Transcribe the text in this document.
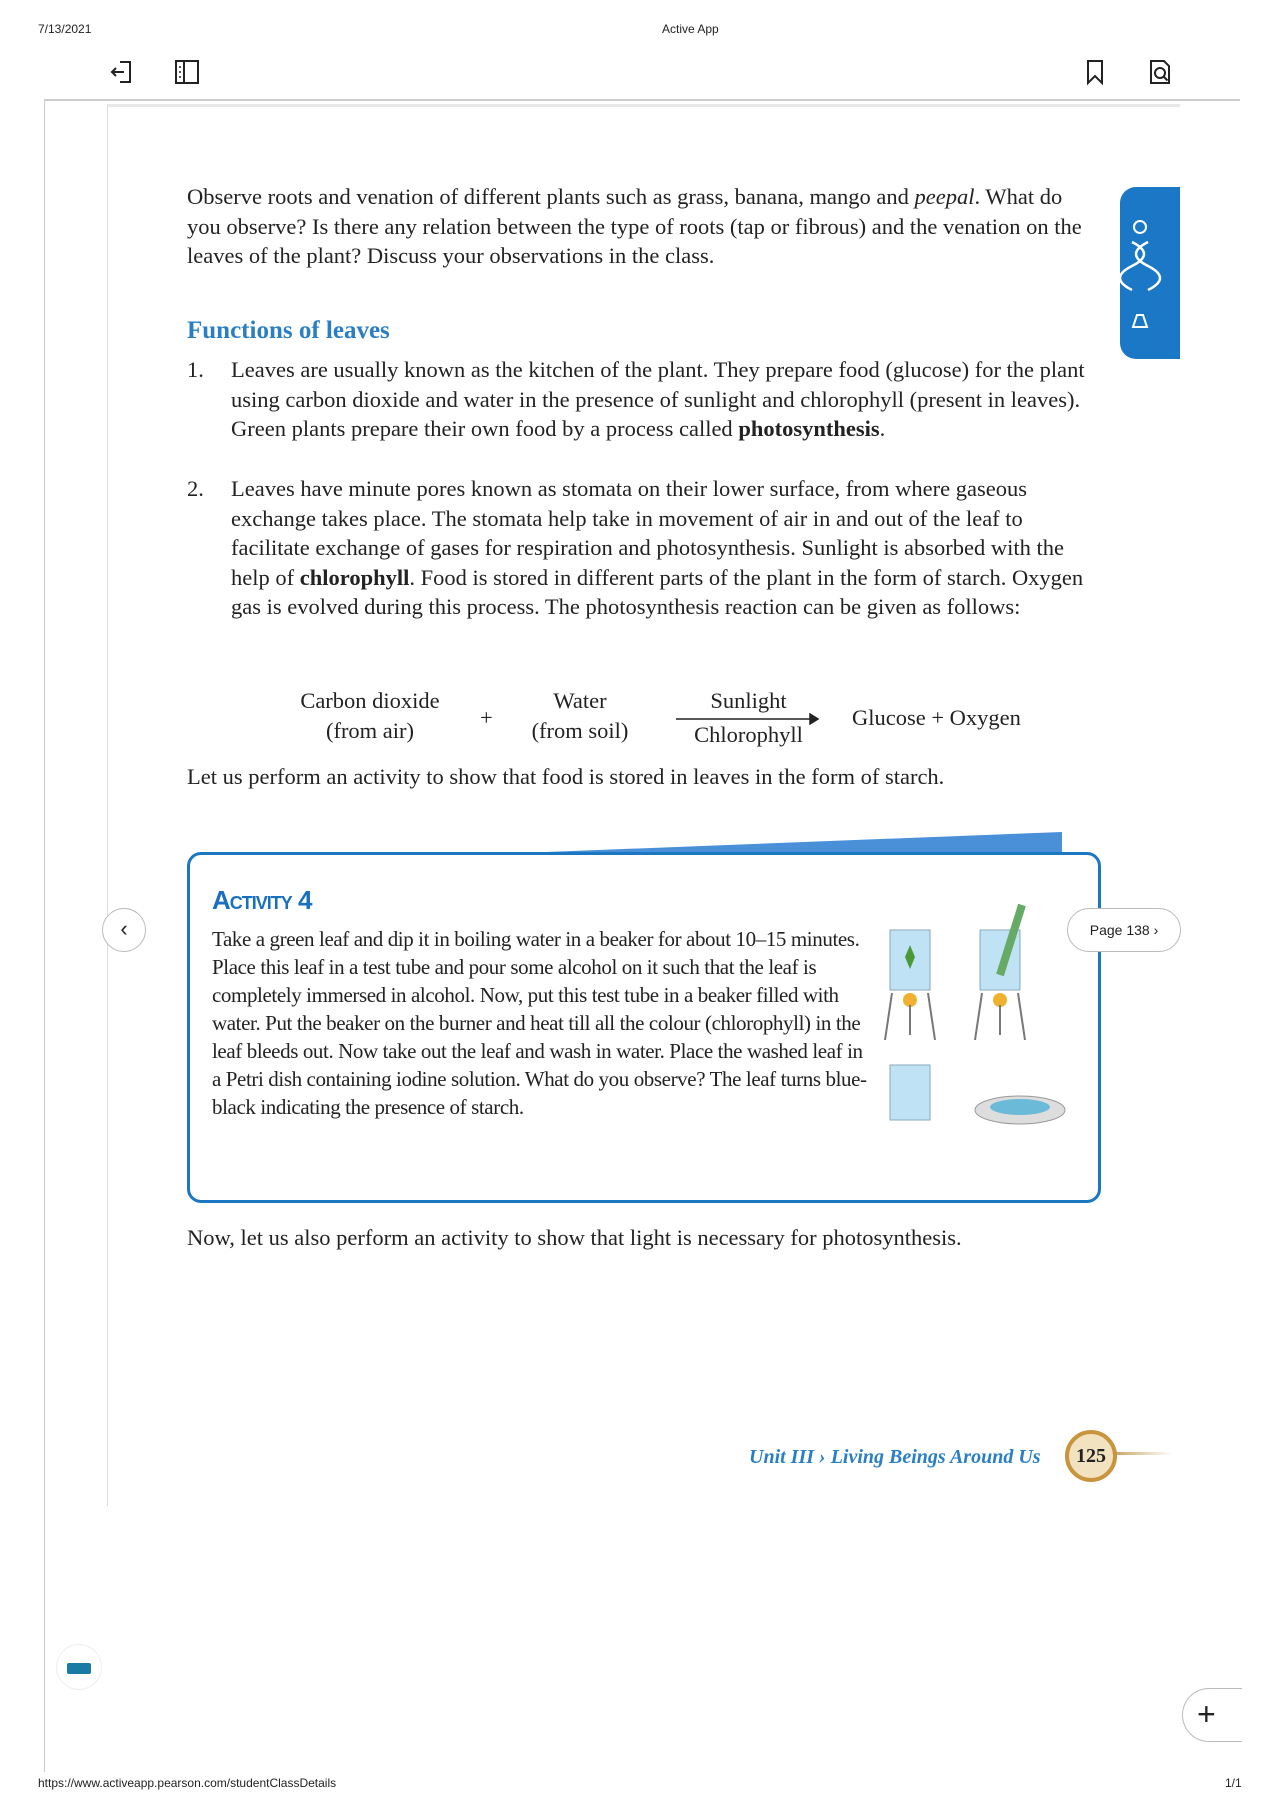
7/13/2021	Active App
Observe roots and venation of different plants such as grass, banana, mango and peepal. What do you observe? Is there any relation between the type of roots (tap or fibrous) and the venation on the leaves of the plant? Discuss your observations in the class.
Functions of leaves
1. Leaves are usually known as the kitchen of the plant. They prepare food (glucose) for the plant using carbon dioxide and water in the presence of sunlight and chlorophyll (present in leaves). Green plants prepare their own food by a process called photosynthesis.
2. Leaves have minute pores known as stomata on their lower surface, from where gaseous exchange takes place. The stomata help take in movement of air in and out of the leaf to facilitate exchange of gases for respiration and photosynthesis. Sunlight is absorbed with the help of chlorophyll. Food is stored in different parts of the plant in the form of starch. Oxygen gas is evolved during this process. The photosynthesis reaction can be given as follows:
Carbon dioxide
(from air)	+
Water
(from soil)
Sunlight
Chlorophyll
Glucose + Oxygen
Let us perform an activity to show that food is stored in leaves in the form of starch.
Activity 4
Take a green leaf and dip it in boiling water in a beaker for about 10–15 minutes. Place this leaf in a test tube and pour some alcohol on it such that the leaf is completely immersed in alcohol. Now, put this test tube in a beaker filled with water. Put the beaker on the burner and heat till all the colour (chlorophyll) in the leaf bleeds out. Now take out the leaf and wash in water. Place the washed leaf in a Petri dish containing iodine solution. What do you observe? The leaf turns blue-black indicating the presence of starch.
Now, let us also perform an activity to show that light is necessary for photosynthesis.
Unit III › Living Beings Around Us	125
‹	Page 138 ›
+
https://www.activeapp.pearson.com/studentClassDetails	1/1
